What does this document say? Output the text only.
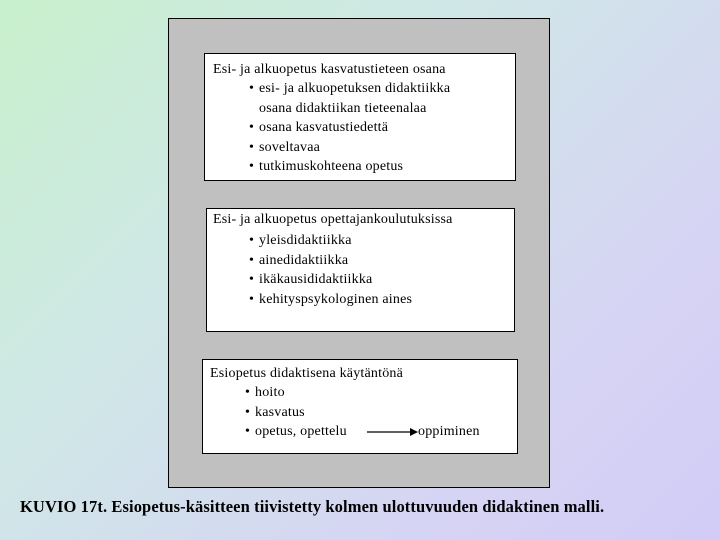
Esi- ja alkuopetus kasvatustieteen osana
• esi- ja alkuopetuksen didaktiikka
osana didaktiikan tieteenalaa
• osana kasvatustiedettä
• soveltavaa
• tutkimuskohteena opetus
Esi- ja alkuopetus opettajankoulutuksissa
• yleisdidaktiikka
• ainedidaktiikka
• ikäkausididaktiikka
• kehityspsykologinen aines
Esiopetus didaktisena käytäntönä
• hoito
• kasvatus
• opetus, opettelu	oppiminen
KUVIO 17t. Esiopetus-käsitteen tiivistetty kolmen ulottuvuuden didaktinen malli.
